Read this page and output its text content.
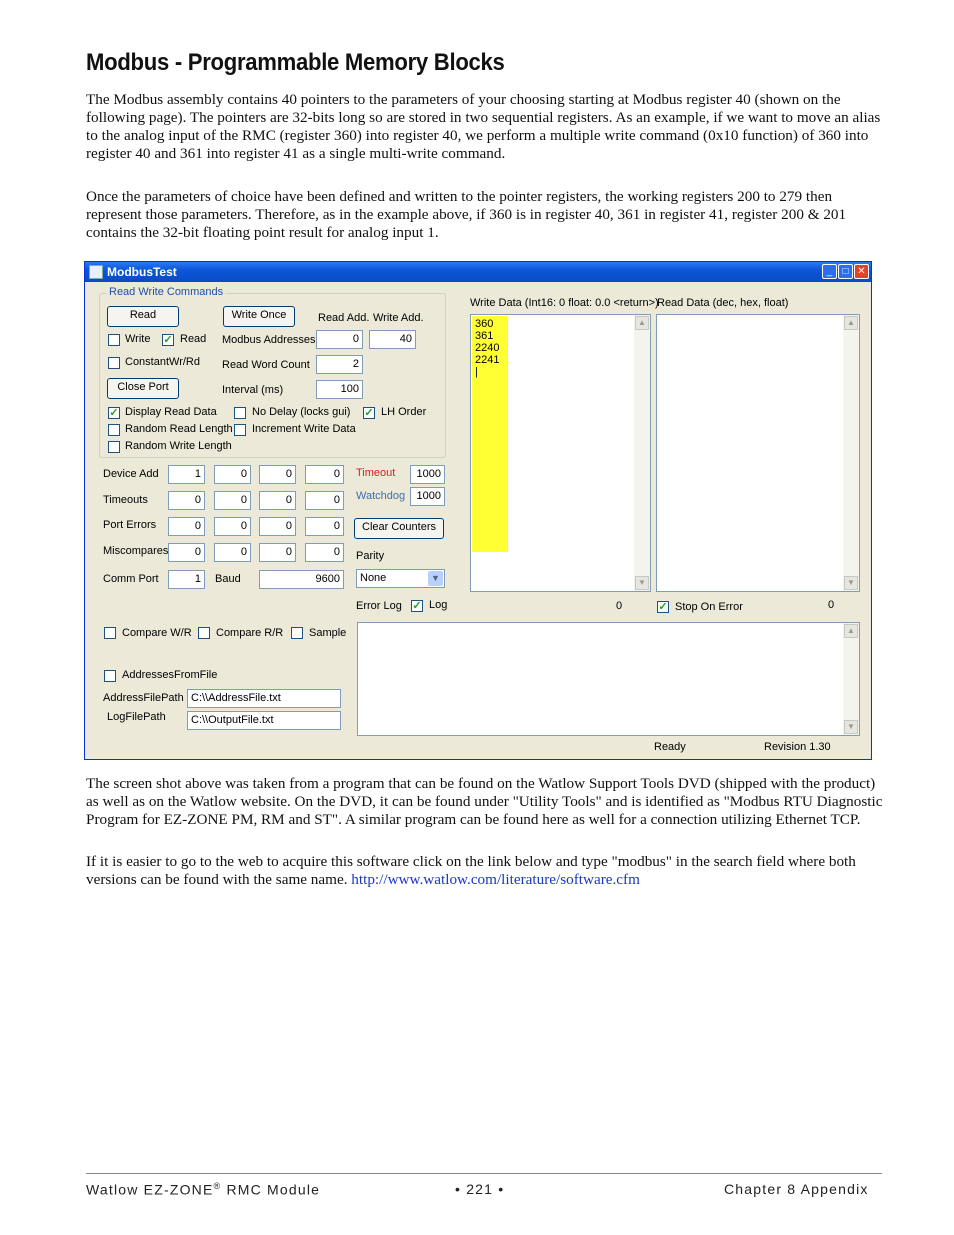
Modbus - Programmable Memory Blocks

The Modbus assembly contains 40 pointers to the parameters of your choosing starting at Modbus register 40 (shown on the following page). The pointers are 32-bits long so are stored in two sequential registers. As an example, if we want to move an alias to the analog input of the RMC (register 360) into register 40, we perform a multiple write command (0x10 function) of 360 into register 40 and 361 into register 41 as a single multi-write command.

Once the parameters of choice have been defined and written to the pointer registers, the working registers 200 to 279 then represent those parameters. Therefore, as in the example above, if 360 is in register 40, 361 in register 41, register 200 & 201 contains the 32-bit floating point result for analog input 1.

ModbusTest	_	□ ✕
Read Write Commands
Read	Write Once	Read Add. Write Add.
Write ✓ Read Modbus Addresses	0	40
ConstantWr/Rd Read Word Count	2
Close Port	Interval (ms)	100
✓ Display Read Data	No Delay (locks gui) ✓ LH Order
Random Read Length Increment Write Data
Random Write Length
Device Add	1	0	0	0
Timeouts	0	0	0	0
Port Errors	0	0	0	0
Miscompares	0	0	0	0
Comm Port	1	Baud	9600
Timeout	1000
Watchdog	1000
Clear Counters
Parity
None	▼
Error Log ✓ Log
Write Data (Int16: 0 float: 0.0 <return>)
360
361
2240
2241
|
▲
▼
0
Read Data (dec, hex, float)
▲
▼
✓ Stop On Error	0
▲
▼
Compare W/R Compare R/R Sample
AddressesFromFile
AddressFilePath C:\\AddressFile.txt
LogFilePath	C:\\OutputFile.txt
Ready	Revision 1.30

The screen shot above was taken from a program that can be found on the Watlow Support Tools DVD (shipped with the product) as well as on the Watlow website. On the DVD, it can be found under "Utility Tools" and is identified as "Modbus RTU Diagnostic Program for EZ-ZONE PM, RM and ST". A similar program can be found here as well for a connection utilizing Ethernet TCP.

If it is easier to go to the web to acquire this software click on the link below and type "modbus" in the search field where both versions can be found with the same name. http://www.watlow.com/literature/software.cfm

Watlow EZ-ZONE® RMC Module	• 221 •	Chapter 8 Appendix
